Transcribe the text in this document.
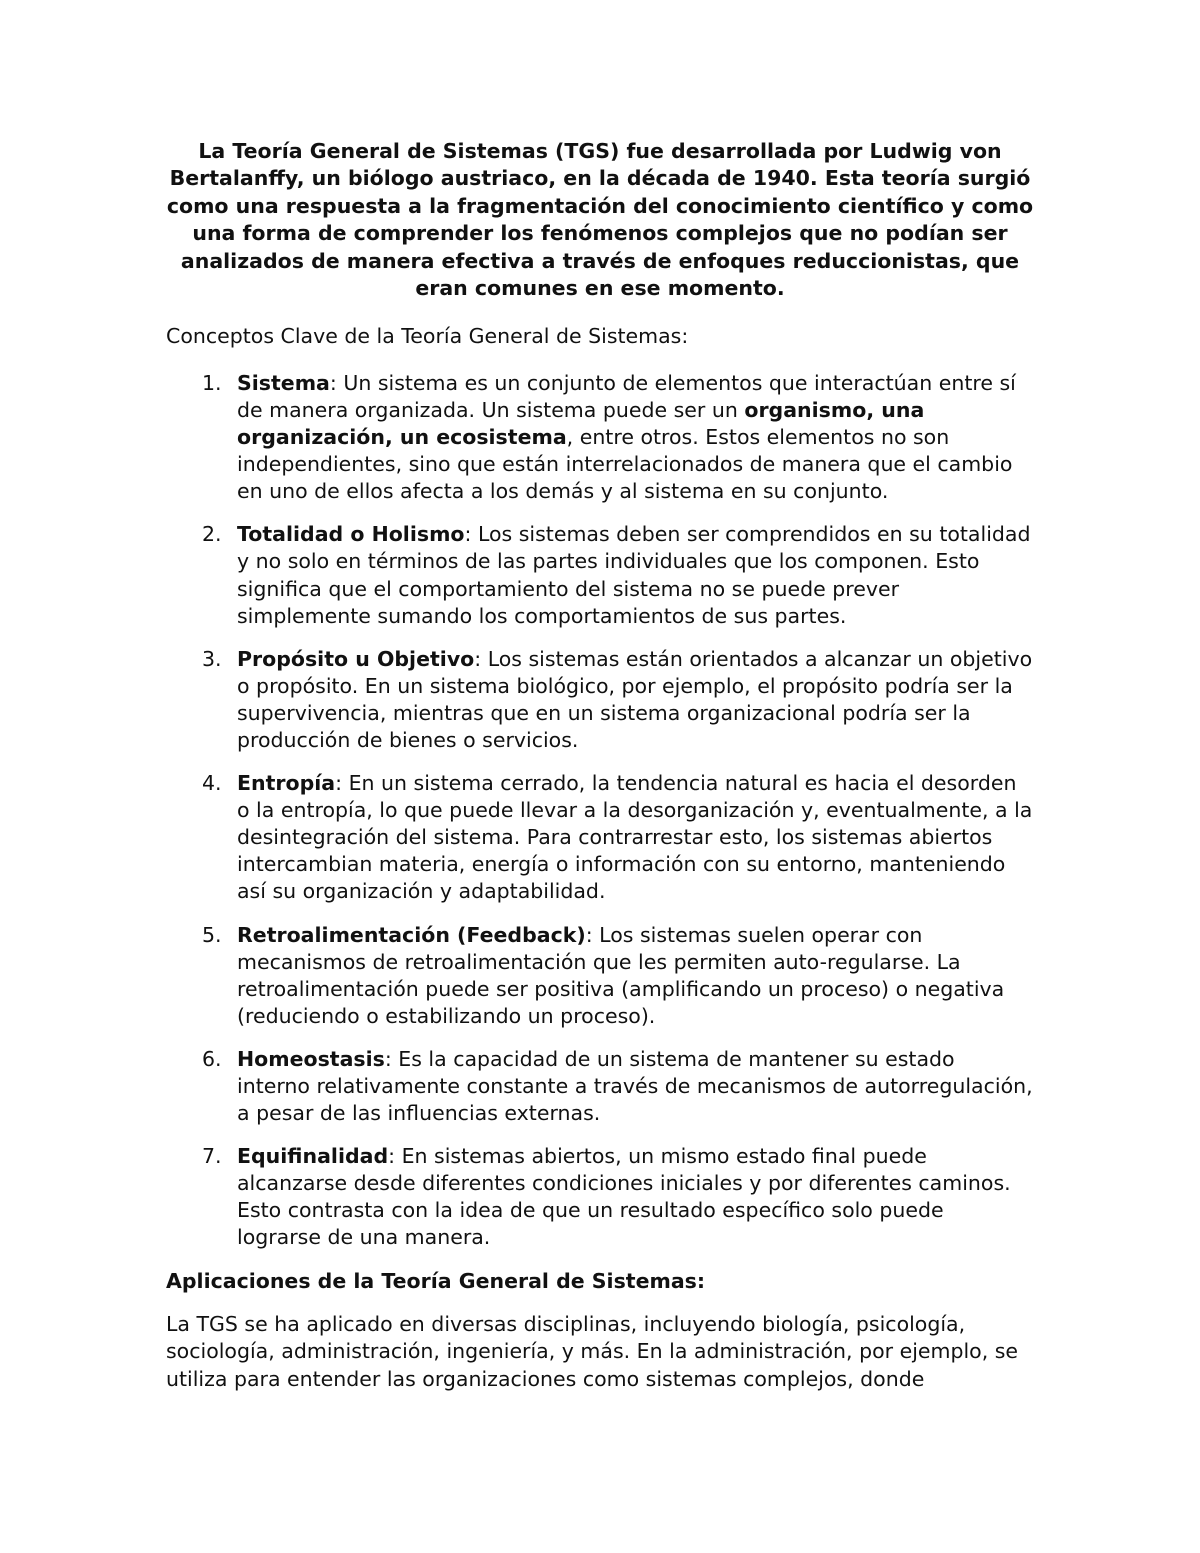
La Teoría General de Sistemas (TGS) fue desarrollada por Ludwig von Bertalanffy, un biólogo austriaco, en la década de 1940. Esta teoría surgió como una respuesta a la fragmentación del conocimiento científico y como una forma de comprender los fenómenos complejos que no podían ser analizados de manera efectiva a través de enfoques reduccionistas, que eran comunes en ese momento.

Conceptos Clave de la Teoría General de Sistemas:

1. Sistema: Un sistema es un conjunto de elementos que interactúan entre sí de manera organizada. Un sistema puede ser un organismo, una organización, un ecosistema, entre otros. Estos elementos no son independientes, sino que están interrelacionados de manera que el cambio en uno de ellos afecta a los demás y al sistema en su conjunto.
2. Totalidad o Holismo: Los sistemas deben ser comprendidos en su totalidad y no solo en términos de las partes individuales que los componen. Esto significa que el comportamiento del sistema no se puede prever simplemente sumando los comportamientos de sus partes.
3. Propósito u Objetivo: Los sistemas están orientados a alcanzar un objetivo o propósito. En un sistema biológico, por ejemplo, el propósito podría ser la supervivencia, mientras que en un sistema organizacional podría ser la producción de bienes o servicios.
4. Entropía: En un sistema cerrado, la tendencia natural es hacia el desorden o la entropía, lo que puede llevar a la desorganización y, eventualmente, a la desintegración del sistema. Para contrarrestar esto, los sistemas abiertos intercambian materia, energía o información con su entorno, manteniendo así su organización y adaptabilidad.
5. Retroalimentación (Feedback): Los sistemas suelen operar con mecanismos de retroalimentación que les permiten auto-regularse. La retroalimentación puede ser positiva (amplificando un proceso) o negativa (reduciendo o estabilizando un proceso).
6. Homeostasis: Es la capacidad de un sistema de mantener su estado interno relativamente constante a través de mecanismos de autorregulación, a pesar de las influencias externas.
7. Equifinalidad: En sistemas abiertos, un mismo estado final puede alcanzarse desde diferentes condiciones iniciales y por diferentes caminos. Esto contrasta con la idea de que un resultado específico solo puede lograrse de una manera.

Aplicaciones de la Teoría General de Sistemas:

La TGS se ha aplicado en diversas disciplinas, incluyendo biología, psicología, sociología, administración, ingeniería, y más. En la administración, por ejemplo, se utiliza para entender las organizaciones como sistemas complejos, donde
